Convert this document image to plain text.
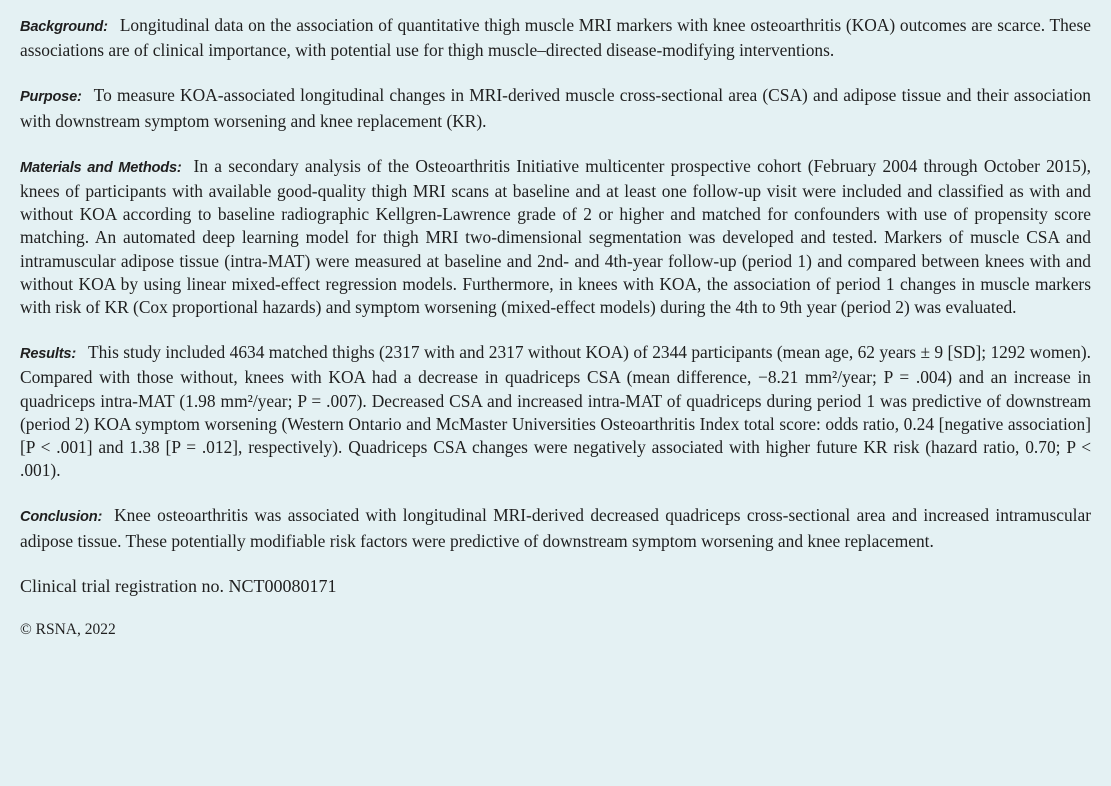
Background: Longitudinal data on the association of quantitative thigh muscle MRI markers with knee osteoarthritis (KOA) outcomes are scarce. These associations are of clinical importance, with potential use for thigh muscle–directed disease-modifying interventions.

Purpose: To measure KOA-associated longitudinal changes in MRI-derived muscle cross-sectional area (CSA) and adipose tissue and their association with downstream symptom worsening and knee replacement (KR).

Materials and Methods: In a secondary analysis of the Osteoarthritis Initiative multicenter prospective cohort (February 2004 through October 2015), knees of participants with available good-quality thigh MRI scans at baseline and at least one follow-up visit were included and classified as with and without KOA according to baseline radiographic Kellgren-Lawrence grade of 2 or higher and matched for confounders with use of propensity score matching. An automated deep learning model for thigh MRI two-dimensional segmentation was developed and tested. Markers of muscle CSA and intramuscular adipose tissue (intra-MAT) were measured at baseline and 2nd- and 4th-year follow-up (period 1) and compared between knees with and without KOA by using linear mixed-effect regression models. Furthermore, in knees with KOA, the association of period 1 changes in muscle markers with risk of KR (Cox proportional hazards) and symptom worsening (mixed-effect models) during the 4th to 9th year (period 2) was evaluated.

Results: This study included 4634 matched thighs (2317 with and 2317 without KOA) of 2344 participants (mean age, 62 years ± 9 [SD]; 1292 women). Compared with those without, knees with KOA had a decrease in quadriceps CSA (mean difference, −8.21 mm²/year; P = .004) and an increase in quadriceps intra-MAT (1.98 mm²/year; P = .007). Decreased CSA and increased intra-MAT of quadriceps during period 1 was predictive of downstream (period 2) KOA symptom worsening (Western Ontario and McMaster Universities Osteoarthritis Index total score: odds ratio, 0.24 [negative association] [P < .001] and 1.38 [P = .012], respectively). Quadriceps CSA changes were negatively associated with higher future KR risk (hazard ratio, 0.70; P < .001).

Conclusion: Knee osteoarthritis was associated with longitudinal MRI-derived decreased quadriceps cross-sectional area and increased intramuscular adipose tissue. These potentially modifiable risk factors were predictive of downstream symptom worsening and knee replacement.

Clinical trial registration no. NCT00080171

© RSNA, 2022
